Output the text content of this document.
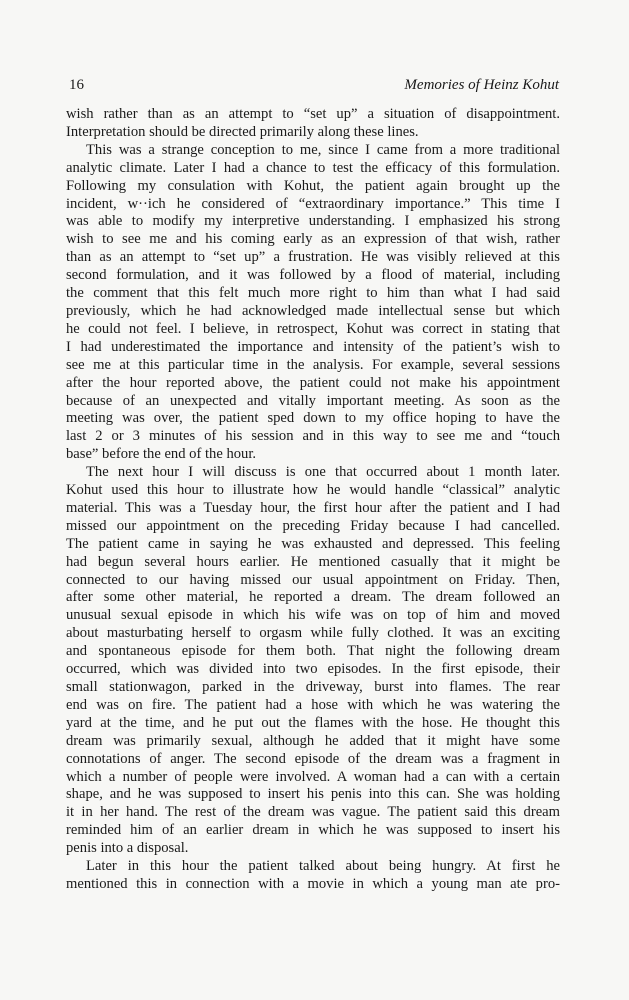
16	Memories of Heinz Kohut
wish rather than as an attempt to “set up” a situation of disappointment.
Interpretation should be directed primarily along these lines.
This was a strange conception to me, since I came from a more traditional
analytic climate. Later I had a chance to test the efficacy of this formulation.
Following my consulation with Kohut, the patient again brought up the
incident, w··ich he considered of “extraordinary importance.” This time I
was able to modify my interpretive understanding. I emphasized his strong
wish to see me and his coming early as an expression of that wish, rather
than as an attempt to “set up” a frustration. He was visibly relieved at this
second formulation, and it was followed by a flood of material, including
the comment that this felt much more right to him than what I had said
previously, which he had acknowledged made intellectual sense but which
he could not feel. I believe, in retrospect, Kohut was correct in stating that
I had underestimated the importance and intensity of the patient’s wish to
see me at this particular time in the analysis. For example, several sessions
after the hour reported above, the patient could not make his appointment
because of an unexpected and vitally important meeting. As soon as the
meeting was over, the patient sped down to my office hoping to have the
last 2 or 3 minutes of his session and in this way to see me and “touch
base” before the end of the hour.
The next hour I will discuss is one that occurred about 1 month later.
Kohut used this hour to illustrate how he would handle “classical” analytic
material. This was a Tuesday hour, the first hour after the patient and I had
missed our appointment on the preceding Friday because I had cancelled.
The patient came in saying he was exhausted and depressed. This feeling
had begun several hours earlier. He mentioned casually that it might be
connected to our having missed our usual appointment on Friday. Then,
after some other material, he reported a dream. The dream followed an
unusual sexual episode in which his wife was on top of him and moved
about masturbating herself to orgasm while fully clothed. It was an exciting
and spontaneous episode for them both. That night the following dream
occurred, which was divided into two episodes. In the first episode, their
small stationwagon, parked in the driveway, burst into flames. The rear
end was on fire. The patient had a hose with which he was watering the
yard at the time, and he put out the flames with the hose. He thought this
dream was primarily sexual, although he added that it might have some
connotations of anger. The second episode of the dream was a fragment in
which a number of people were involved. A woman had a can with a certain
shape, and he was supposed to insert his penis into this can. She was holding
it in her hand. The rest of the dream was vague. The patient said this dream
reminded him of an earlier dream in which he was supposed to insert his
penis into a disposal.
Later in this hour the patient talked about being hungry. At first he
mentioned this in connection with a movie in which a young man ate pro-
